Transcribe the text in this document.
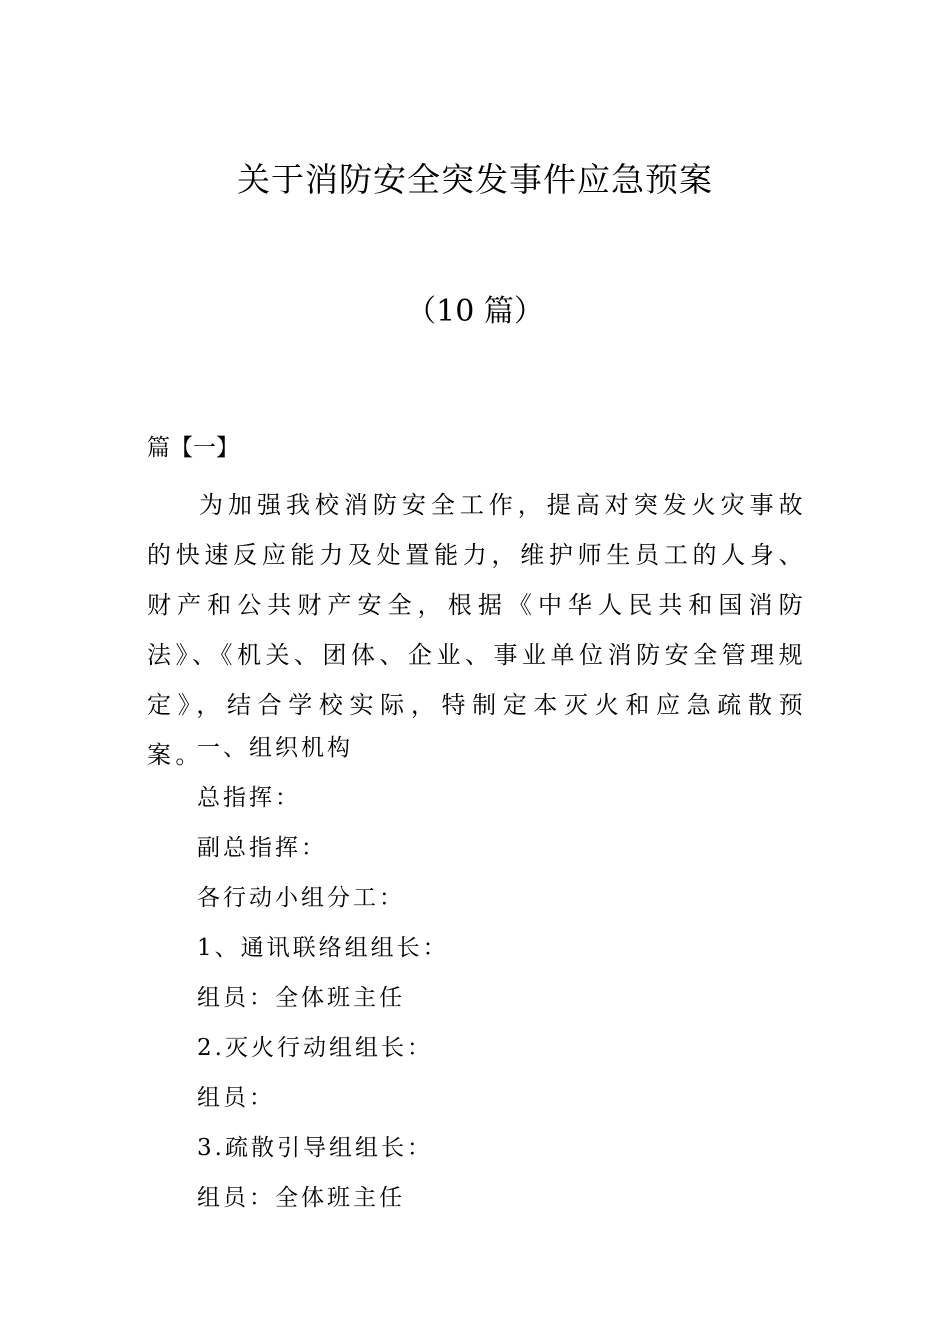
关于消防安全突发事件应急预案
（10 篇）
篇【一】

为加强我校消防安全工作，提高对突发火灾事故的快速反应能力及处置能力，维护师生员工的人身、财产和公共财产安全，根据《中华人民共和国消防法》、《机关、团体、企业、事业单位消防安全管理规定》，结合学校实际，特制定本灭火和应急疏散预案。

一、组织机构
总指挥：
副总指挥：
各行动小组分工：
1、通讯联络组组长：
组员：全体班主任
2.灭火行动组组长：
组员：
3.疏散引导组组长：
组员：全体班主任
